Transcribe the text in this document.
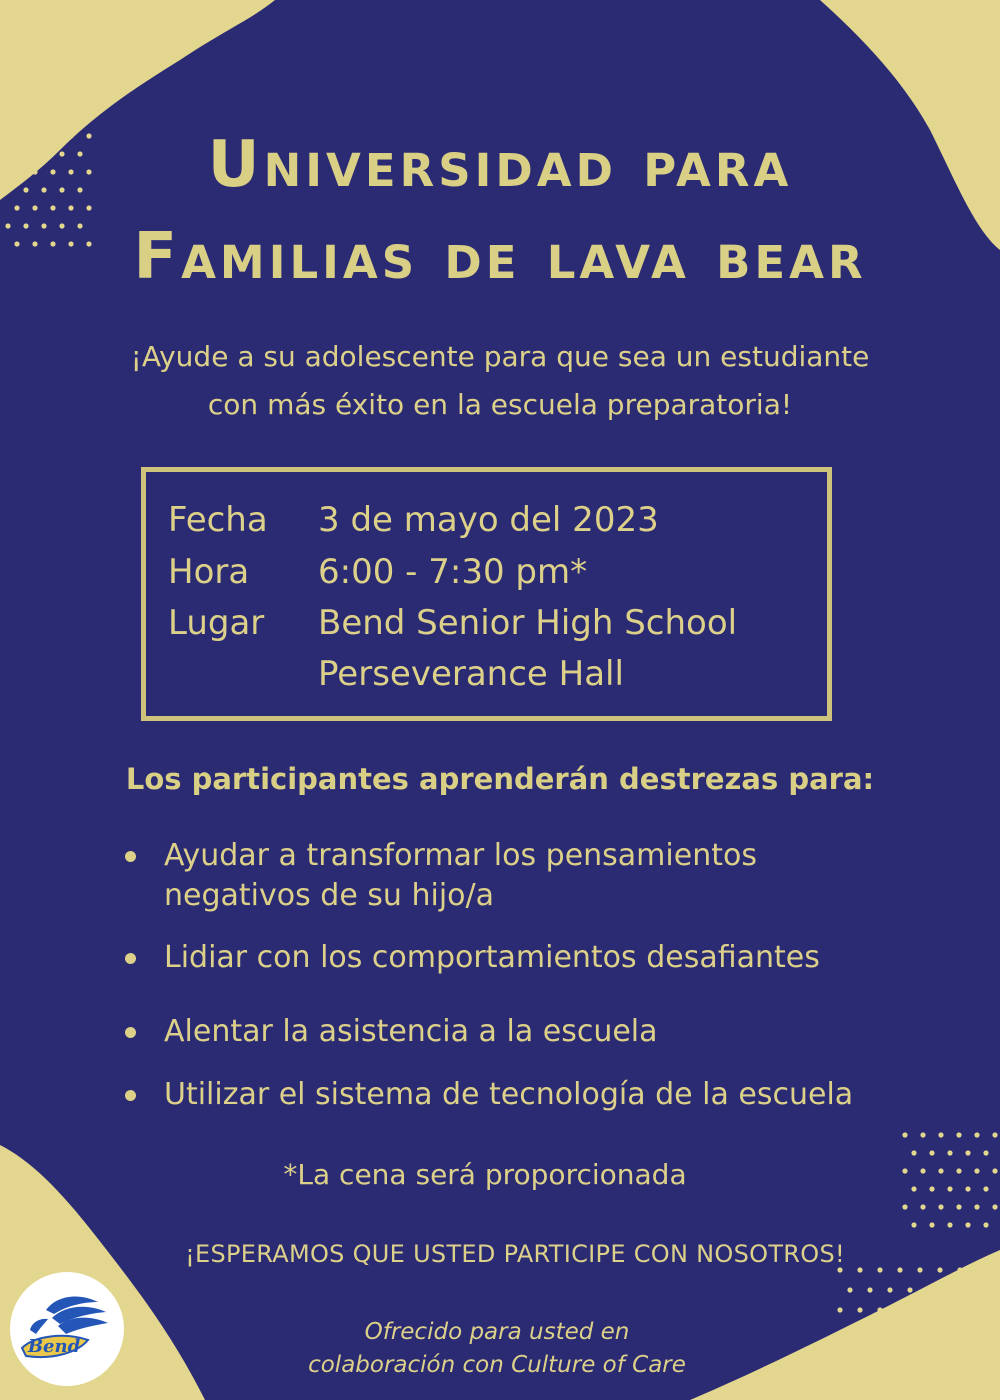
Universidad para
Familias de lava bear
¡Ayude a su adolescente para que sea un estudiante
con más éxito en la escuela preparatoria!
Fecha 3 de mayo del 2023
Hora 6:00 - 7:30 pm*
Lugar Bend Senior High School
Perseverance Hall
Los participantes aprenderán destrezas para:
Ayudar a transformar los pensamientos
negativos de su hijo/a
Lidiar con los comportamientos desafiantes
Alentar la asistencia a la escuela
Utilizar el sistema de tecnología de la escuela
*La cena será proporcionada
¡ESPERAMOS QUE USTED PARTICIPE CON NOSOTROS!
Ofrecido para usted en
colaboración con Culture of Care
Bend
